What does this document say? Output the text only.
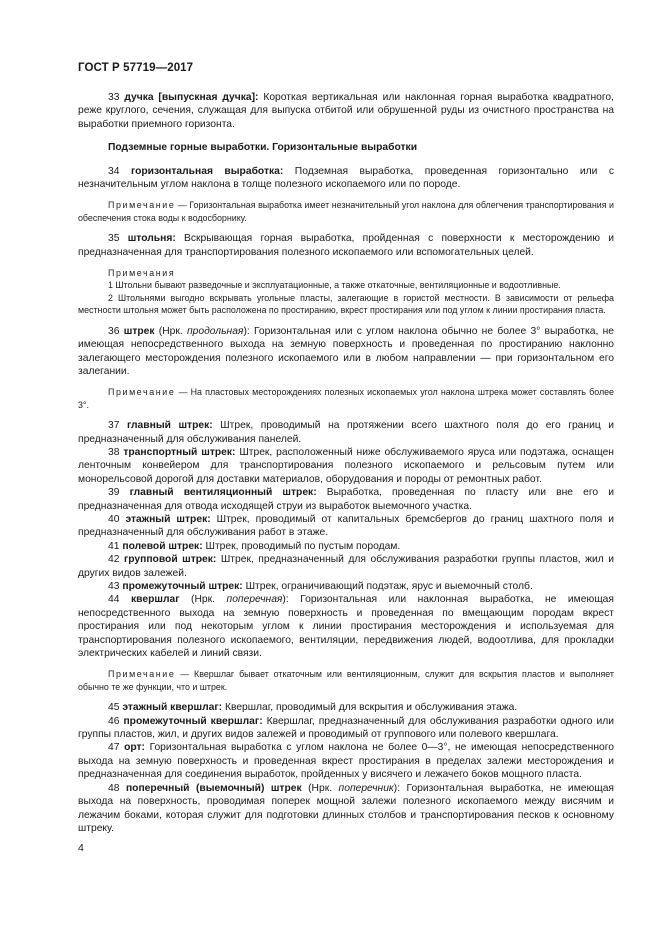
ГОСТ Р 57719—2017

33 дучка [выпускная дучка]: Короткая вертикальная или наклонная горная выработка квадратного, реже круглого, сечения, служащая для выпуска отбитой или обрушенной руды из очистного пространства на выработки приемного горизонта.

Подземные горные выработки. Горизонтальные выработки

34 горизонтальная выработка: Подземная выработка, проведенная горизонтально или с незначительным углом наклона в толще полезного ископаемого или по породе.

Примечание — Горизонтальная выработка имеет незначительный угол наклона для облегчения транспортирования и обеспечения стока воды к водосборнику.

35 штольня: Вскрывающая горная выработка, пройденная с поверхности к месторождению и предназначенная для транспортирования полезного ископаемого или вспомогательных целей.

Примечания

1 Штольни бывают разведочные и эксплуатационные, а также откаточные, вентиляционные и водоотливные.

2 Штольнями выгодно вскрывать угольные пласты, залегающие в гористой местности. В зависимости от рельефа местности штольня может быть расположена по простиранию, вкрест простирания или под углом к линии простирания пласта.

36 штрек (Нрк. продольная): Горизонтальная или с углом наклона обычно не более 3° выработка, не имеющая непосредственного выхода на земную поверхность и проведенная по простиранию наклонно залегающего месторождения полезного ископаемого или в любом направлении — при горизонтальном его залегании.

Примечание — На пластовых месторождениях полезных ископаемых угол наклона штрека может составлять более 3°.

37 главный штрек: Штрек, проводимый на протяжении всего шахтного поля до его границ и предназначенный для обслуживания панелей.

38 транспортный штрек: Штрек, расположенный ниже обслуживаемого яруса или подэтажа, оснащен ленточным конвейером для транспортирования полезного ископаемого и рельсовым путем или монорельсовой дорогой для доставки материалов, оборудования и породы от ремонтных работ.

39 главный вентиляционный штрек: Выработка, проведенная по пласту или вне его и предназначенная для отвода исходящей струи из выработок выемочного участка.

40 этажный штрек: Штрек, проводимый от капитальных бремсбергов до границ шахтного поля и предназначенный для обслуживания работ в этаже.

41 полевой штрек: Штрек, проводимый по пустым породам.

42 групповой штрек: Штрек, предназначенный для обслуживания разработки группы пластов, жил и других видов залежей.

43 промежуточный штрек: Штрек, ограничивающий подэтаж, ярус и выемочный столб.

44 квершлаг (Нрк. поперечная): Горизонтальная или наклонная выработка, не имеющая непосредственного выхода на земную поверхность и проведенная по вмещающим породам вкрест простирания или под некоторым углом к линии простирания месторождения и используемая для транспортирования полезного ископаемого, вентиляции, передвижения людей, водоотлива, для прокладки электрических кабелей и линий связи.

Примечание — Квершлаг бывает откаточным или вентиляционным, служит для вскрытия пластов и выполняет обычно те же функции, что и штрек.

45 этажный квершлаг: Квершлаг, проводимый для вскрытия и обслуживания этажа.

46 промежуточный квершлаг: Квершлаг, предназначенный для обслуживания разработки одного или группы пластов, жил, и других видов залежей и проводимый от группового или полевого квершлага.

47 орт: Горизонтальная выработка с углом наклона не более 0—3°, не имеющая непосредственного выхода на земную поверхность и проведенная вкрест простирания в пределах залежи месторождения и предназначенная для соединения выработок, пройденных у висячего и лежачего боков мощного пласта.

48 поперечный (выемочный) штрек (Нрк. поперечник): Горизонтальная выработка, не имеющая выхода на поверхность, проводимая поперек мощной залежи полезного ископаемого между висячим и лежачим боками, которая служит для подготовки длинных столбов и транспортирования песков к основному штреку.

4
